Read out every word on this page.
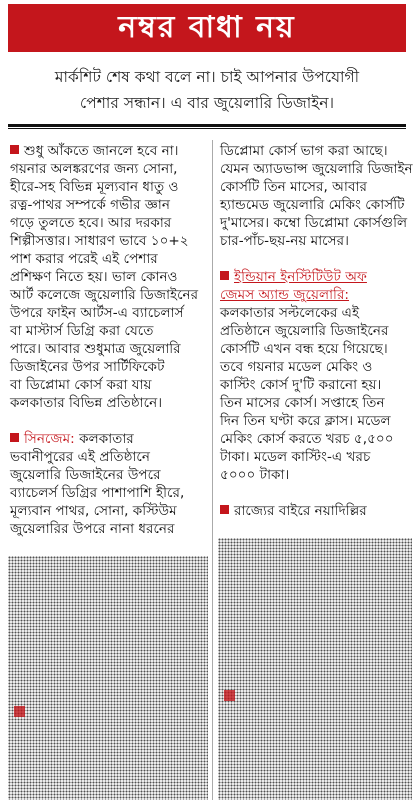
নম্বর বাধা নয়
মার্কশিট শেষ কথা বলে না। চাই আপনার উপযোগী
পেশার সন্ধান। এ বার জুয়েলারি ডিজাইন।
শুধু আঁকতে জানলে হবে না।
গয়নার অলঙ্করণের জন্য সোনা,
হীরে-সহ বিভিন্ন মূল্যবান ধাতু ও
রত্ন-পাথর সম্পর্কে গভীর জ্ঞান
গড়ে তুলতে হবে। আর দরকার
শিল্পীসত্তার। সাধারণ ভাবে ১০+২
পাশ করার পরেই এই পেশার
প্রশিক্ষণ নিতে হয়। ভাল কোনও
আর্ট কলেজে জুয়েলারি ডিজাইনের
উপরে ফাইন আর্টস-এ ব্যাচেলার্স
বা মাস্টার্স ডিগ্রি করা যেতে
পারে। আবার শুধুমাত্র জুয়েলারি
ডিজাইনের উপর সার্টিফিকেট
বা ডিপ্লোমা কোর্স করা যায়
কলকাতার বিভিন্ন প্রতিষ্ঠানে।
সিনজেম: কলকাতার
ভবানীপুরের এই প্রতিষ্ঠানে
জুয়েলারি ডিজাইনের উপরে
ব্যাচেলর্স ডিগ্রির পাশাপাশি হীরে,
মূল্যবান পাথর, সোনা, কস্টিউম
জুয়েলারির উপরে নানা ধরনের
ডিপ্লোমা কোর্স ভাগ করা আছে।
যেমন অ্যাডভান্স জুয়েলারি ডিজাইন
কোর্সটি তিন মাসের, আবার
হ্যান্ডমেড জুয়েলারি মেকিং কোর্সটি
দু'মাসের। কম্বো ডিপ্লোমা কোর্সগুলি
চার-পাঁচ-ছয়-নয় মাসের।
ইন্ডিয়ান ইনস্টিটিউট অফ
জেমস অ্যান্ড জুয়েলারি:
কলকাতার সল্টলেকের এই
প্রতিষ্ঠানে জুয়েলারি ডিজাইনের
কোর্সটি এখন বন্ধ হয়ে গিয়েছে।
তবে গয়নার মডেল মেকিং ও
কাস্টিং কোর্স দু'টি করানো হয়।
তিন মাসের কোর্স। সপ্তাহে তিন
দিন তিন ঘণ্টা করে ক্লাস। মডেল
মেকিং কোর্স করতে খরচ ৫,৫০০
টাকা। মডেল কাস্টিং-এ খরচ
৫০০০ টাকা।
রাজ্যের বাইরে নয়াদিল্লির
